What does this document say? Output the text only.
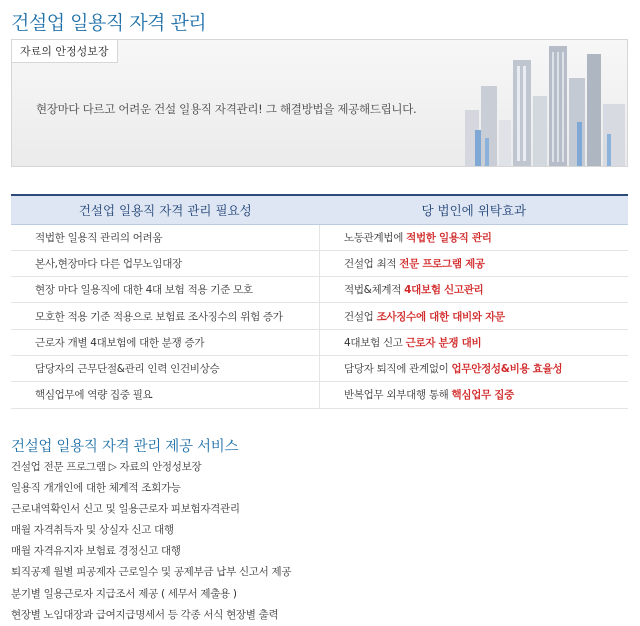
건설업 일용직 자격 관리
자료의 안정성보장
현장마다 다르고 어려운 건설 일용직 자격관리! 그 해결방법을 제공해드립니다.
건설업 일용직 자격 관리 필요성	당 법인에 위탁효과
적법한 일용직 관리의 어려움	노동관계법에 적법한 일용직 관리
본사,현장마다 다른 업무노임대장	건설업 최적 전문 프로그램 제공
현장 마다 일용직에 대한 4대 보험 적용 기준 모호	적법&체계적 4대보험 신고관리
모호한 적용 기준 적용으로 보험료 조사징수의 위험 증가	건설업 조사징수에 대한 대비와 자문
근로자 개별 4대보험에 대한 분쟁 증가	4대보험 신고 근로자 분쟁 대비
담당자의 근무단절&관리 인력 인건비상승	담당자 퇴직에 관계없이 업무안정성&비용 효율성
핵심업무에 역량 집중 필요	반복업무 외부대행 통해 핵심업무 집중
건설업 일용직 자격 관리 제공 서비스
건설업 전문 프로그램 ▷ 자료의 안정성보장
일용직 개개인에 대한 체계적 조회가능
근로내역확인서 신고 및 일용근로자 피보험자격관리
매월 자격취득자 및 상실자 신고 대행
매월 자격유지자 보험료 경정신고 대행
퇴직공제 월별 피공제자 근로일수 및 공제부금 납부 신고서 제공
분기별 일용근로자 지급조서 제공 ( 세무서 제출용 )
현장별 노임대장과 급여지급명세서 등 각종 서식 현장별 출력
